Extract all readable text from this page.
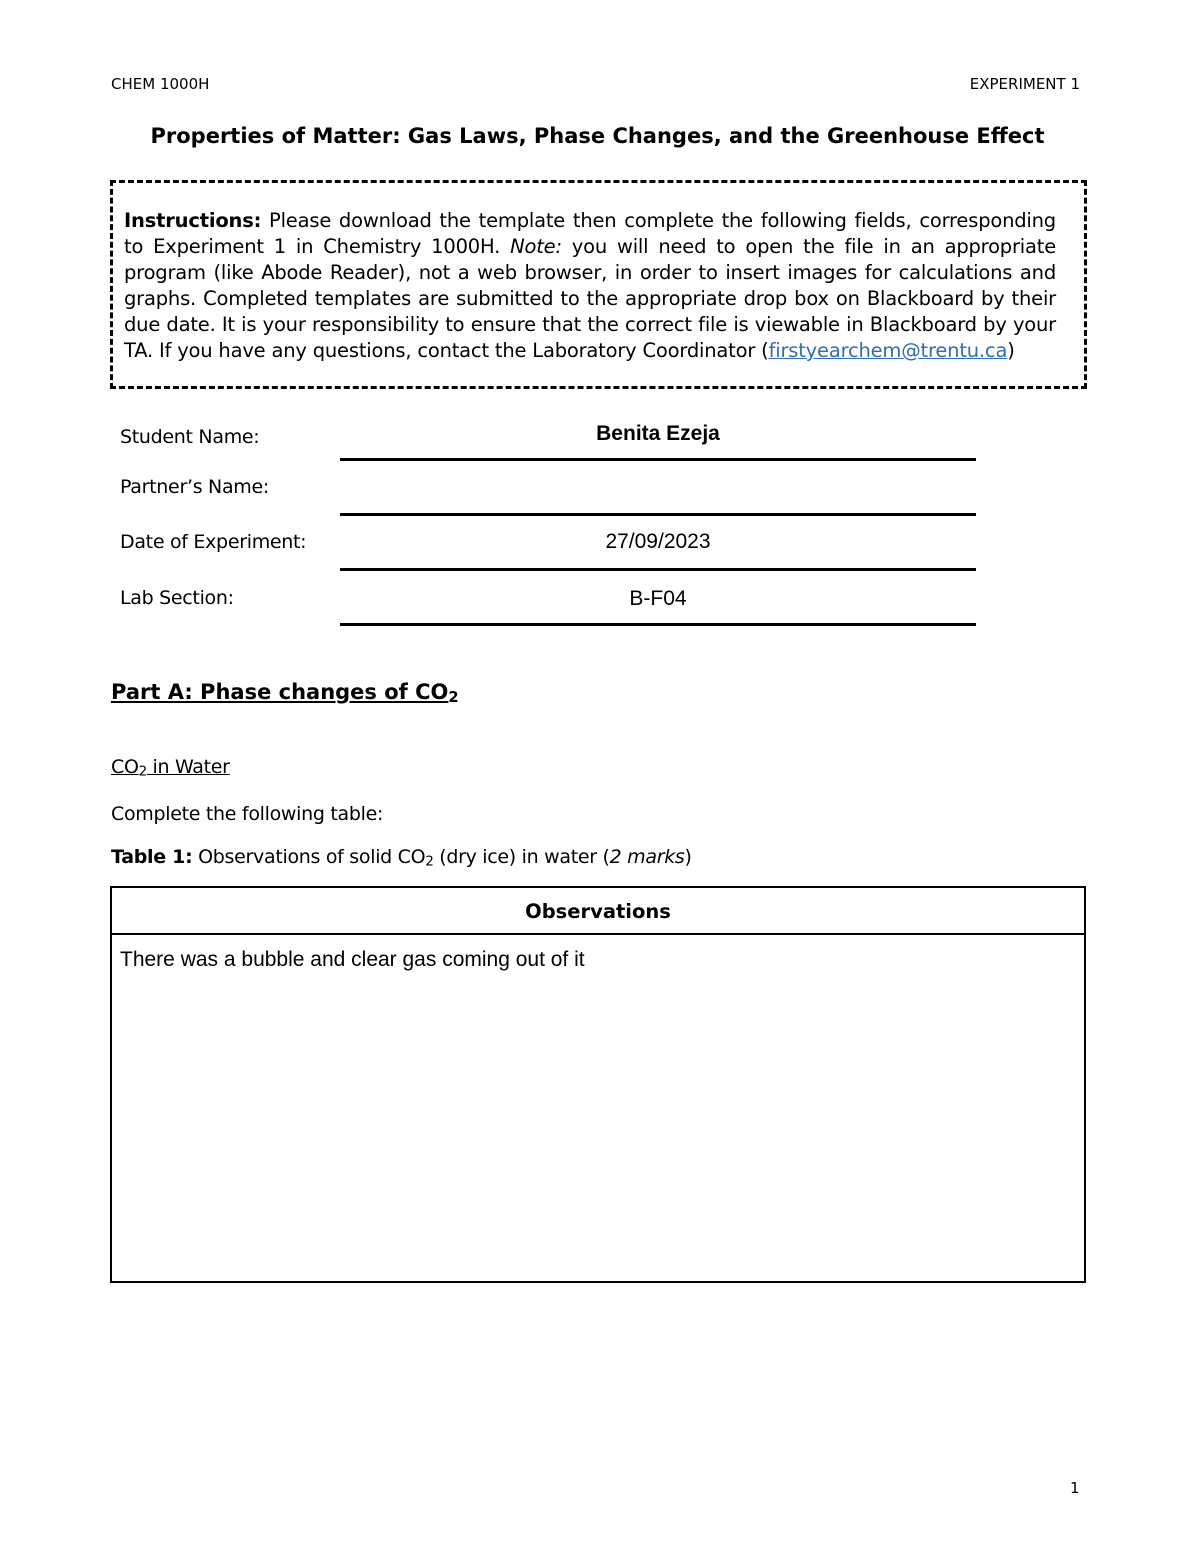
CHEM 1000H	EXPERIMENT 1
Properties of Matter: Gas Laws, Phase Changes, and the Greenhouse Effect
Instructions: Please download the template then complete the following fields, corresponding to Experiment 1 in Chemistry 1000H. Note: you will need to open the file in an appropriate program (like Abode Reader), not a web browser, in order to insert images for calculations and graphs. Completed templates are submitted to the appropriate drop box on Blackboard by their due date. It is your responsibility to ensure that the correct file is viewable in Blackboard by your TA. If you have any questions, contact the Laboratory Coordinator (firstyearchem@trentu.ca)
Student Name:	Benita Ezeja
Partner’s Name:
Date of Experiment:	27/09/2023
Lab Section:	B-F04
Part A: Phase changes of $CO_2$
$CO_2$ in Water
Complete the following table:
Table 1: Observations of solid $CO_2$ (dry ice) in water (2 marks)
Observations
There was a bubble and clear gas coming out of it
1
